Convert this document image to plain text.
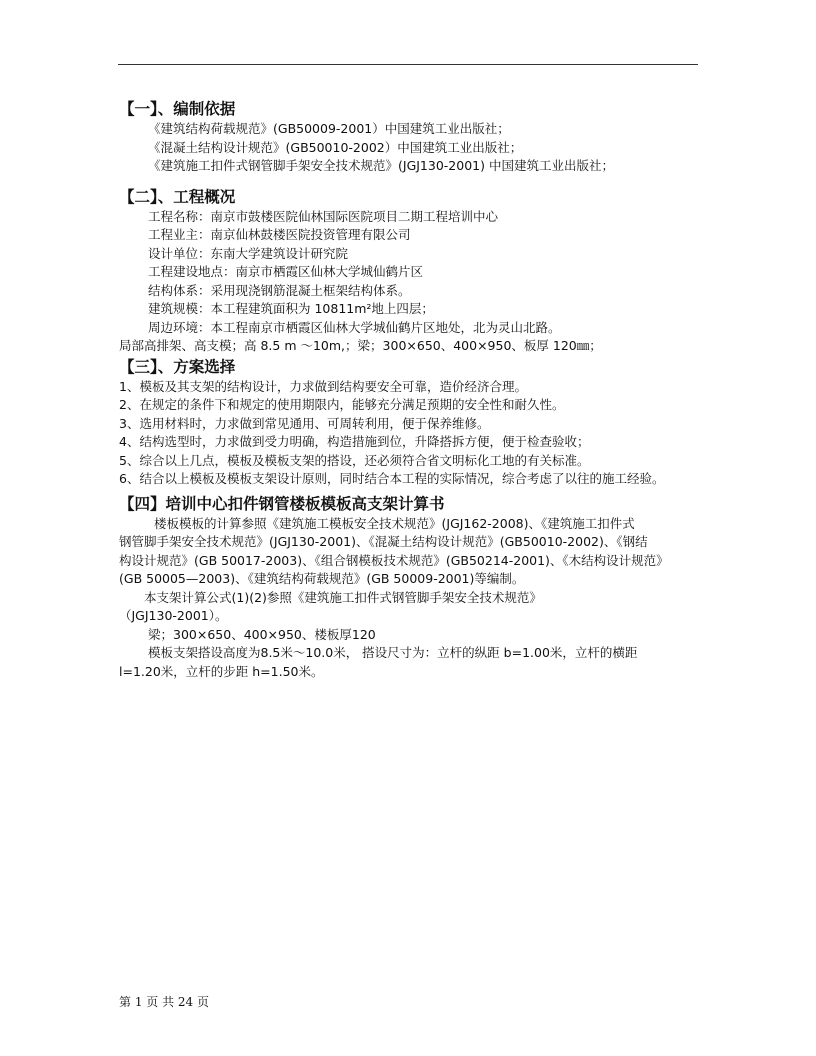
【一】、编制依据

《建筑结构荷载规范》(GB50009-2001）中国建筑工业出版社；

《混凝土结构设计规范》(GB50010-2002）中国建筑工业出版社；

《建筑施工扣件式钢管脚手架安全技术规范》(JGJ130-2001) 中国建筑工业出版社；

【二】、工程概况

工程名称：南京市鼓楼医院仙林国际医院项目二期工程培训中心

工程业主：南京仙林鼓楼医院投资管理有限公司

设计单位：东南大学建筑设计研究院

工程建设地点：南京市栖霞区仙林大学城仙鹤片区

结构体系：采用现浇钢筋混凝土框架结构体系。

建筑规模：本工程建筑面积为 10811m²地上四层；

周边环境：本工程南京市栖霞区仙林大学城仙鹤片区地处，北为灵山北路。

局部高排架、高支模；高 8.5 m ～10m,；梁；300×650、400×950、板厚 120㎜；

【三】、方案选择

1、模板及其支架的结构设计，力求做到结构要安全可靠，造价经济合理。

2、在规定的条件下和规定的使用期限内，能够充分满足预期的安全性和耐久性。

3、选用材料时，力求做到常见通用、可周转利用，便于保养维修。

4、结构选型时，力求做到受力明确，构造措施到位，升降搭拆方便，便于检查验收；

5、综合以上几点，模板及模板支架的搭设，还必须符合省文明标化工地的有关标准。

6、结合以上模板及模板支架设计原则，同时结合本工程的实际情况，综合考虑了以往的施工经验。

【四】培训中心扣件钢管楼板模板高支架计算书

楼板模板的计算参照《建筑施工模板安全技术规范》(JGJ162-2008)、《建筑施工扣件式

钢管脚手架安全技术规范》(JGJ130-2001)、《混凝土结构设计规范》(GB50010-2002)、《钢结

构设计规范》(GB 50017-2003)、《组合钢模板技术规范》(GB50214-2001)、《木结构设计规范》

(GB 50005—2003)、《建筑结构荷载规范》(GB 50009-2001)等编制。

本支架计算公式(1)(2)参照《建筑施工扣件式钢管脚手架安全技术规范》

（JGJ130-2001）。

梁；300×650、400×950、楼板厚120

模板支架搭设高度为8.5米～10.0米， 搭设尺寸为：立杆的纵距 b=1.00米，立杆的横距

l=1.20米，立杆的步距 h=1.50米。

第 1 页 共 24 页
